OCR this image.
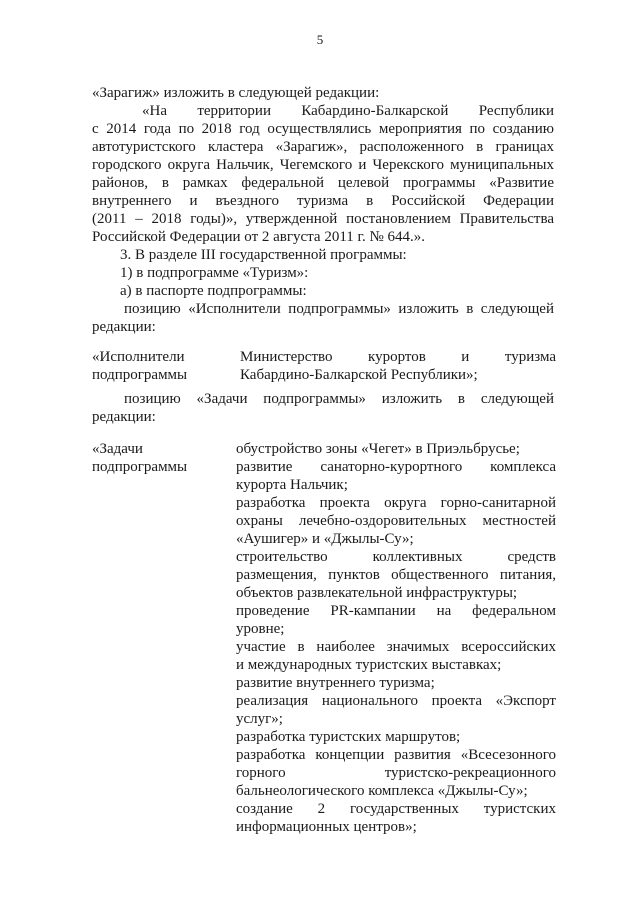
5
«Зарагиж» изложить в следующей редакции:
«На территории Кабардино-Балкарской Республики
с 2014 года по 2018 год осуществлялись мероприятия по созданию
автотуристского кластера «Зарагиж», расположенного в границах
городского округа Нальчик, Чегемского и Черекского муниципальных
районов, в рамках федеральной целевой программы «Развитие
внутреннего и въездного туризма в Российской Федерации
(2011 – 2018 годы)», утвержденной постановлением Правительства
Российской Федерации от 2 августа 2011 г. № 644.».
3. В разделе III государственной программы:
1) в подпрограмме «Туризм»:
а) в паспорте подпрограммы:
позицию «Исполнители подпрограммы» изложить в следующей
редакции:
«Исполнители
подпрограммы
Министерство курортов и туризма
Кабардино-Балкарской Республики»;
позицию «Задачи подпрограммы» изложить в следующей
редакции:
«Задачи
подпрограммы
обустройство зоны «Чегет» в Приэльбрусье;
развитие санаторно-курортного комплекса
курорта Нальчик;
разработка проекта округа горно-санитарной
охраны лечебно-оздоровительных местностей
«Аушигер» и «Джылы-Су»;
строительство коллективных средств
размещения, пунктов общественного питания,
объектов развлекательной инфраструктуры;
проведение PR-кампании на федеральном
уровне;
участие в наиболее значимых всероссийских
и международных туристских выставках;
развитие внутреннего туризма;
реализация национального проекта «Экспорт
услуг»;
разработка туристских маршрутов;
разработка концепции развития «Всесезонного
горного туристско-рекреационного
бальнеологического комплекса «Джылы-Су»;
создание 2 государственных туристских
информационных центров»;
